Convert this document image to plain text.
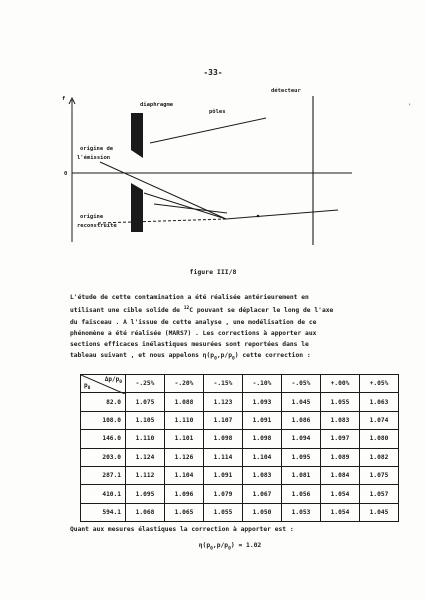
-33-
'
f
0
détecteur
diaphragme
pôles
origine de
l'émission
origine
reconstruite
figure III/8

L'étude de cette contamination a été réalisée antérieurement en

utilisant une cible solide de $^{12}$C pouvant se déplacer le long de l'axe

du faisceau . A l'issue de cette analyse , une modélisation de ce

phénomène a été réalisée (MARS7) . Les corrections à apporter aux

sections efficaces inélastiques mesurées sont reportées dans le

tableau suivant , et nous appelons $\eta(p_0,p/p_0)$ cette correction :

$\Delta p/p_0$
$p_0$	-.25%	-.20%	-.15%	-.10%	-.05%	+.00%	+.05%
82.0	1.075	1.088	1.123	1.093	1.045	1.055	1.063
108.0	1.105	1.110	1.107	1.091	1.086	1.083	1.074
146.0	1.110	1.101	1.098	1.098	1.094	1.097	1.080
203.0	1.124	1.126	1.114	1.104	1.095	1.089	1.082
287.1	1.112	1.104	1.091	1.083	1.081	1.084	1.075
410.1	1.095	1.096	1.079	1.067	1.056	1.054	1.057
594.1	1.068	1.065	1.055	1.050	1.053	1.054	1.045
Quant aux mesures élastiques la correction à apporter est :
$\eta(p_0,p/p_0) = 1.02$
